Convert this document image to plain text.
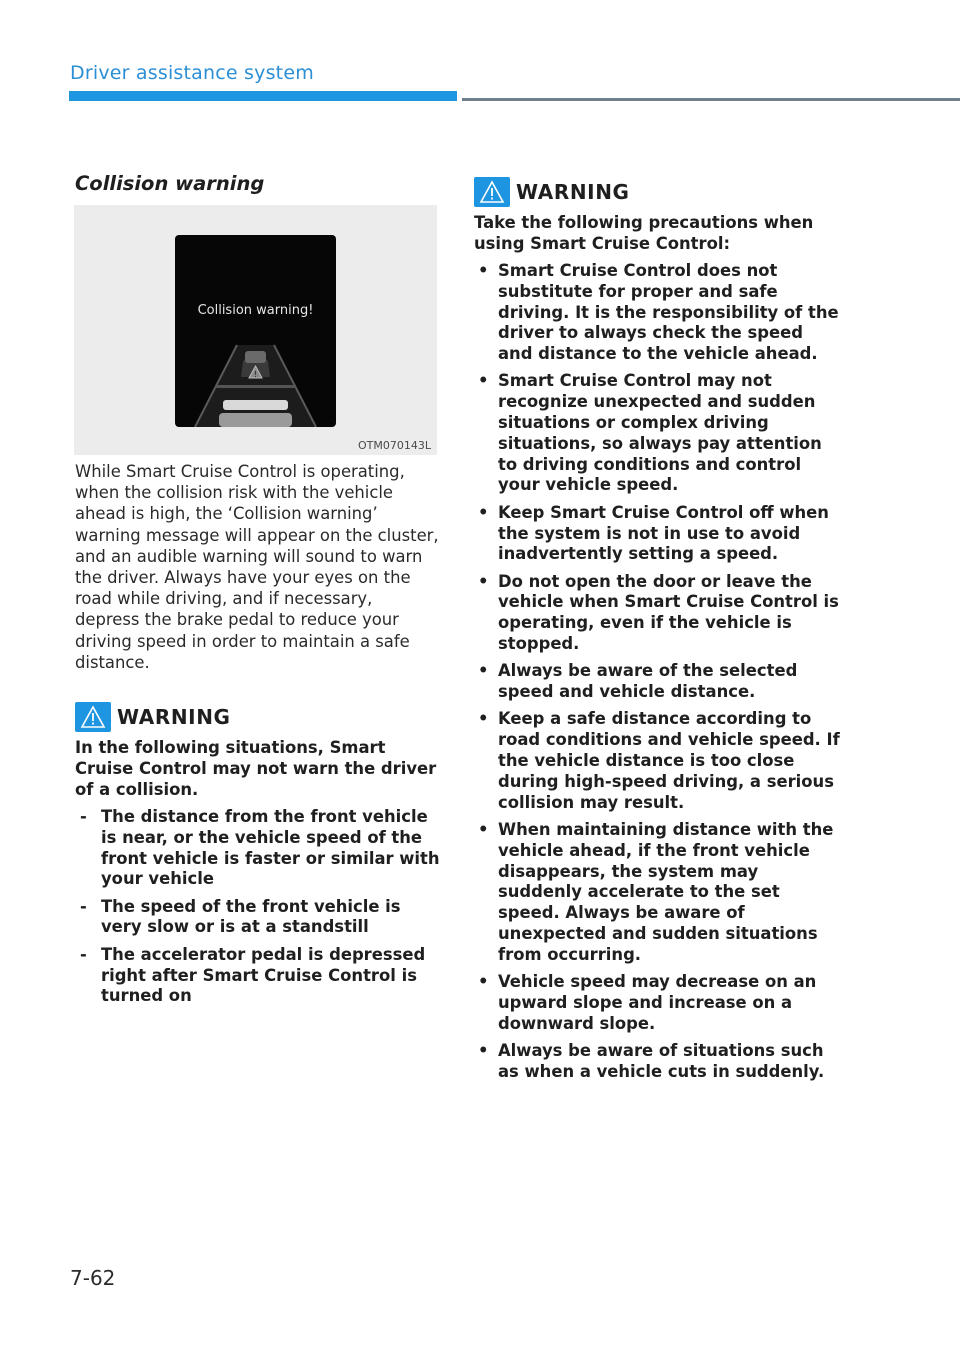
Driver assistance system
Collision warning
!
Collision warning!
OTM070143L

While Smart Cruise Control is operating, when the collision risk with the vehicle ahead is high, the ‘Collision warning’ warning message will appear on the cluster, and an audible warning will sound to warn the driver. Always have your eyes on the road while driving, and if necessary, depress the brake pedal to reduce your driving speed in order to maintain a safe distance.

WARNING

In the following situations, Smart Cruise Control may not warn the driver of a collision.

- The distance from the front vehicle is near, or the vehicle speed of the front vehicle is faster or similar with your vehicle
- The speed of the front vehicle is very slow or is at a standstill
- The accelerator pedal is depressed right after Smart Cruise Control is turned on
WARNING

Take the following precautions when using Smart Cruise Control:

• Smart Cruise Control does not substitute for proper and safe driving. It is the responsibility of the driver to always check the speed and distance to the vehicle ahead.
• Smart Cruise Control may not recognize unexpected and sudden situations or complex driving situations, so always pay attention to driving conditions and control your vehicle speed.
• Keep Smart Cruise Control off when the system is not in use to avoid inadvertently setting a speed.
• Do not open the door or leave the vehicle when Smart Cruise Control is operating, even if the vehicle is stopped.
• Always be aware of the selected speed and vehicle distance.
• Keep a safe distance according to road conditions and vehicle speed. If the vehicle distance is too close during high-speed driving, a serious collision may result.
• When maintaining distance with the vehicle ahead, if the front vehicle disappears, the system may suddenly accelerate to the set speed. Always be aware of unexpected and sudden situations from occurring.
• Vehicle speed may decrease on an upward slope and increase on a downward slope.
• Always be aware of situations such as when a vehicle cuts in suddenly.
7-62
